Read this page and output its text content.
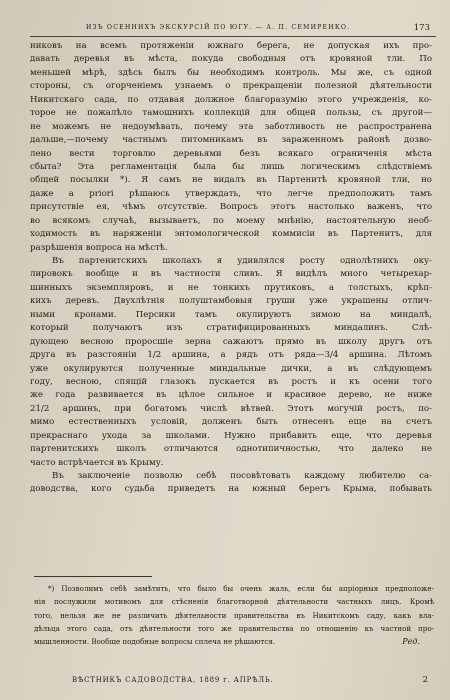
ИЗЪ ОСЕННИХЪ ЭКСКУРСІЙ ПО ЮГУ. — А. П. СЕМИРЕНКО.	173
никовъ на всемъ протяженіи южнаго берега, не допуская ихъ про-
давать деревья въ мѣста, покуда свободныя отъ кровяной тли. По
меньшей мѣрѣ, здѣсь былъ бы необходимъ контроль. Мы же, съ одной
стороны, съ огорченіемъ узнаемъ о прекращеніи полезной дѣятельности
Никитскаго сада, по отдавая должное благоразумію этого учрежденія, ко-
торое не пожалѣло тамошнихъ коллекцій для общей пользы, съ другой—
не можемъ не недоумѣвать, почему эта заботливость не распространена
дальше,—почему частнымъ питомникамъ въ зараженномъ районѣ дозво-
лено вести торговлю деревьями безъ всякаго ограниченія мѣста
сбыта? Эта регламентація была бы лишь логическимъ слѣдствіемъ
общей посылки *). Я самъ не видалъ въ Партенитѣ кровяной тли, но
даже a priori рѣшаюсь утверждать, что легче предположить тамъ
присутствіе ея, чѣмъ отсутствіе. Вопросъ этотъ настолько важенъ, что
во всякомъ случаѣ, вызываетъ, по моему мнѣнію, настоятельную необ-
ходимость въ наряженіи энтомологической коммисіи въ Партенитъ, для
разрѣшенія вопроса на мѣстѣ.
Въ партенитскихъ школахъ я удивлялся росту однолѣтнихъ оку-
лировокъ вообще и въ частности сливъ. Я видѣлъ много четырехар-
шинныхъ экземпляровъ, и не тонкихъ прутиковъ, а толстыхъ, крѣп-
кихъ деревъ. Двухлѣтнія полуштамбовыя груши уже украшены отлич-
ными кронами. Персики тамъ окулируютъ зимою на миндалѣ,
который получаютъ изъ стратифицированныхъ миндалинъ. Слѣ-
дующею весною проросшіе зерна сажаютъ прямо въ школу другъ отъ
друга въ разстояніи 1/2 аршина, а рядъ отъ ряда—3/4 аршина. Лѣтомъ
уже окулируются полученные миндальные дички, а въ слѣдующемъ
году, весною, спящій глазокъ пускается въ ростъ и къ осени того
же года развивается въ цѣлое сильное и красивое дерево, не ниже
21/2 аршинъ, при богатомъ числѣ вѣтвей. Этотъ могучій ростъ, по-
мимо естественныхъ условій, долженъ быть отнесенъ еще на счетъ
прекраснаго ухода за школами. Нужно прибавить еще, что деревья
партенитскихъ школъ отличаются однотипичностью, что далеко не
часто встрѣчается въ Крыму.
Въ заключеніе позволю себѣ посовѣтовать каждому любителю са-
доводства, кого судьба приведетъ на южный берегъ Крыма, побывать
*) Позволимъ себѣ замѣтить, что было бы очень жаль, если бы апріорныя предположе-
нія послужили мотивомъ для стѣсненія благотворной дѣятельности частныхъ лицъ. Кромѣ
того, нельзя же не различить дѣятельности правительства въ Никитскомъ саду, какъ вла-
дѣльца этого сада, отъ дѣятельности того же правительства по отношенію къ частной про-
мышленности. Вообще подобные вопросы сплеча не рѣшаются.	Ред.
ВѢСТНИКЪ САДОВОДСТВА, 1889 г. АПРѢЛЬ.	2
